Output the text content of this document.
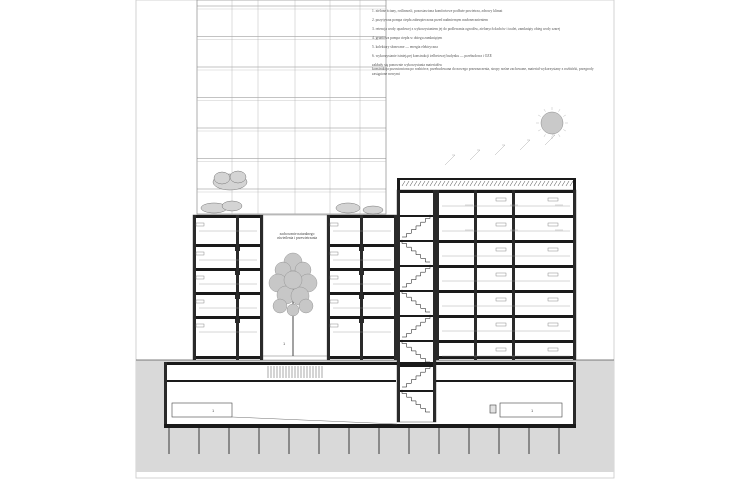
1	1
1

1. zielone ściany, roślinność, pozostawiona komfortowe podłoże powietrza, zdrowy klimat

2. pozytywna pompa ciepła zabezpieczona przed nadmiernym nasłonecznieniem

3. retencja wody opadowej z wykorzystaniem jej do podlewania ogrodów, zielonych dachów i toalet, zamknięty obieg wody szarej

4. gruntowa pompa ciepła w obiegu zamkniętym

5. kolektory słoneczne — energia elektryczna

6. wykorzystanie istniejącej konstrukcji żelbetowej budynku — przebudowa i OZE

zakłady się ponownie wykorzystania materiałów

konstrukcja pozostawiona po rozbiórce, przebudowana do nowego przeznaczenia, stropy nośne zachowane, materiał wykorzystany z rozbiórki, przegrody zastąpione nowymi

zachowanie naturalnego
oświetlenia i przewietrzania
